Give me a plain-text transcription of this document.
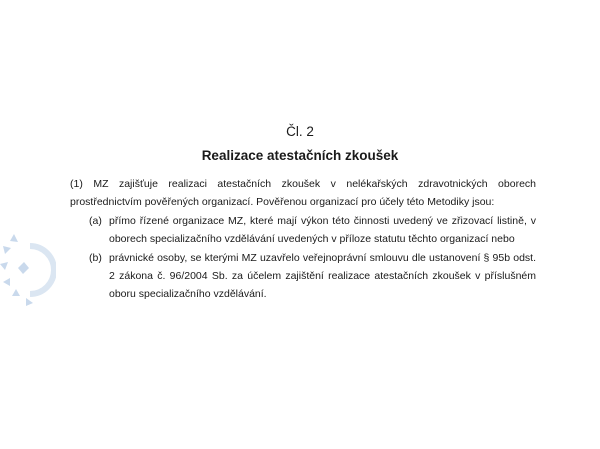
Čl. 2
Realizace atestačních zkoušek
(1) MZ zajišťuje realizaci atestačních zkoušek v nelékařských zdravotnických oborech prostřednictvím pověřených organizací. Pověřenou organizací pro účely této Metodiky jsou:
(a) přímo řízené organizace MZ, které mají výkon této činnosti uvedený ve zřizovací listině, v oborech specializačního vzdělávání uvedených v příloze statutu těchto organizací nebo
(b) právnické osoby, se kterými MZ uzavřelo veřejnoprávní smlouvu dle ustanovení § 95b odst. 2 zákona č. 96/2004 Sb. za účelem zajištění realizace atestačních zkoušek v příslušném oboru specializačního vzdělávání.
